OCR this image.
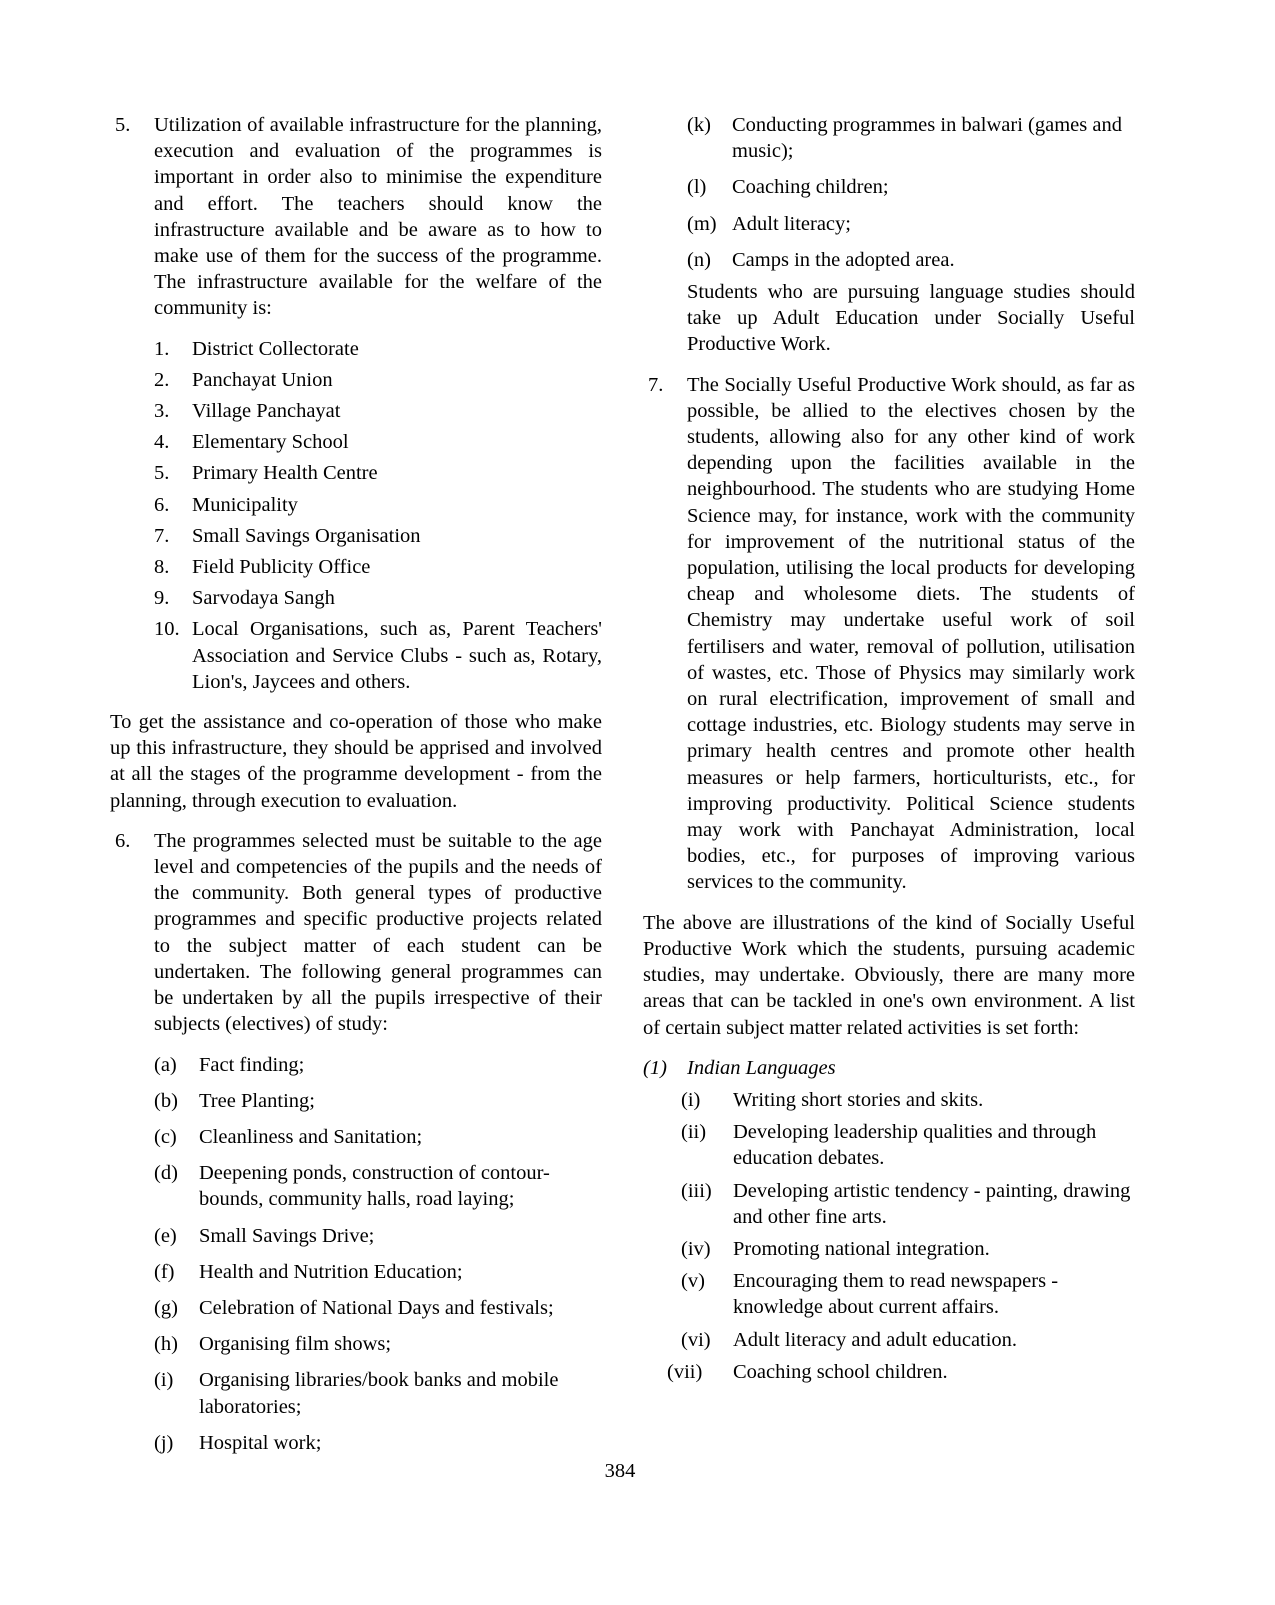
5.	Utilization of available infrastructure for the planning, execution and evaluation of the programmes is important in order also to minimise the expenditure and effort. The teachers should know the infrastructure available and be aware as to how to make use of them for the success of the programme. The infrastructure available for the welfare of the community is:
1.	District Collectorate
2.	Panchayat Union
3.	Village Panchayat
4.	Elementary School
5.	Primary Health Centre
6.	Municipality
7.	Small Savings Organisation
8.	Field Publicity Office
9.	Sarvodaya Sangh
10. Local Organisations, such as, Parent Teachers' Association and Service Clubs - such as, Rotary, Lion's, Jaycees and others.

To get the assistance and co-operation of those who make up this infrastructure, they should be apprised and involved at all the stages of the programme development - from the planning, through execution to evaluation.

6.	The programmes selected must be suitable to the age level and competencies of the pupils and the needs of the community. Both general types of productive programmes and specific productive projects related to the subject matter of each student can be undertaken. The following general programmes can be undertaken by all the pupils irrespective of their subjects (electives) of study:
(a)	Fact finding;
(b)	Tree Planting;
(c)	Cleanliness and Sanitation;
(d)	Deepening ponds, construction of contour-bounds, community halls, road laying;
(e)	Small Savings Drive;
(f)	Health and Nutrition Education;
(g)	Celebration of National Days and festivals;
(h)	Organising film shows;
(i)	Organising libraries/book banks and mobile laboratories;
(j)	Hospital work;
(k)	Conducting programmes in balwari (games and music);
(l)	Coaching children;
(m) Adult literacy;
(n)	Camps in the adopted area.

Students who are pursuing language studies should take up Adult Education under Socially Useful Productive Work.

7.	The Socially Useful Productive Work should, as far as possible, be allied to the electives chosen by the students, allowing also for any other kind of work depending upon the facilities available in the neighbourhood. The students who are studying Home Science may, for instance, work with the community for improvement of the nutritional status of the population, utilising the local products for developing cheap and wholesome diets. The students of Chemistry may undertake useful work of soil fertilisers and water, removal of pollution, utilisation of wastes, etc. Those of Physics may similarly work on rural electrification, improvement of small and cottage industries, etc. Biology students may serve in primary health centres and promote other health measures or help farmers, horticulturists, etc., for improving productivity. Political Science students may work with Panchayat Administration, local bodies, etc., for purposes of improving various services to the community.

The above are illustrations of the kind of Socially Useful Productive Work which the students, pursuing academic studies, may undertake. Obviously, there are many more areas that can be tackled in one's own environment. A list of certain subject matter related activities is set forth:

(1) Indian Languages
(i)	Writing short stories and skits.
(ii)	Developing leadership qualities and through education debates.
(iii)	Developing artistic tendency - painting, drawing and other fine arts.
(iv)	Promoting national integration.
(v)	Encouraging them to read newspapers - knowledge about current affairs.
(vi)	Adult literacy and adult education.
(vii)	Coaching school children.
384
